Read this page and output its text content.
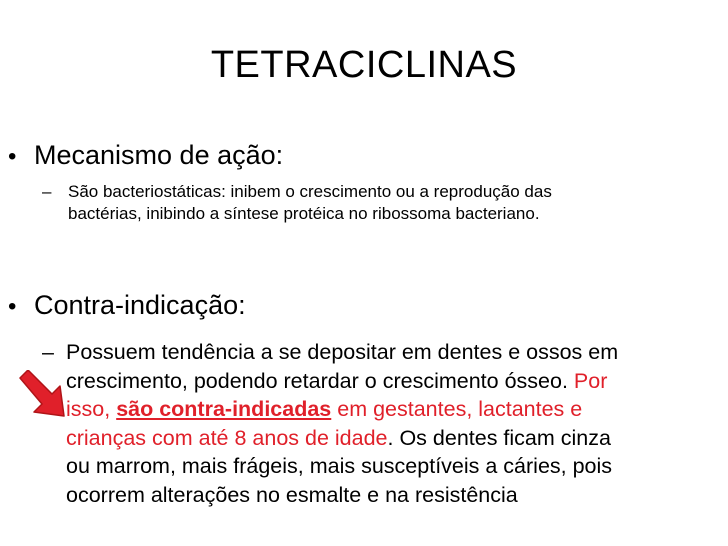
TETRACICLINAS
• Mecanismo de ação:
– São bacteriostáticas: inibem o crescimento ou a reprodução das
bactérias, inibindo a síntese protéica no ribossoma bacteriano.
• Contra-indicação:
– Possuem tendência a se depositar em dentes e ossos em
crescimento, podendo retardar o crescimento ósseo. Por
isso, são contra-indicadas em gestantes, lactantes e
crianças com até 8 anos de idade. Os dentes ficam cinza
ou marrom, mais frágeis, mais susceptíveis a cáries, pois
ocorrem alterações no esmalte e na resistência
